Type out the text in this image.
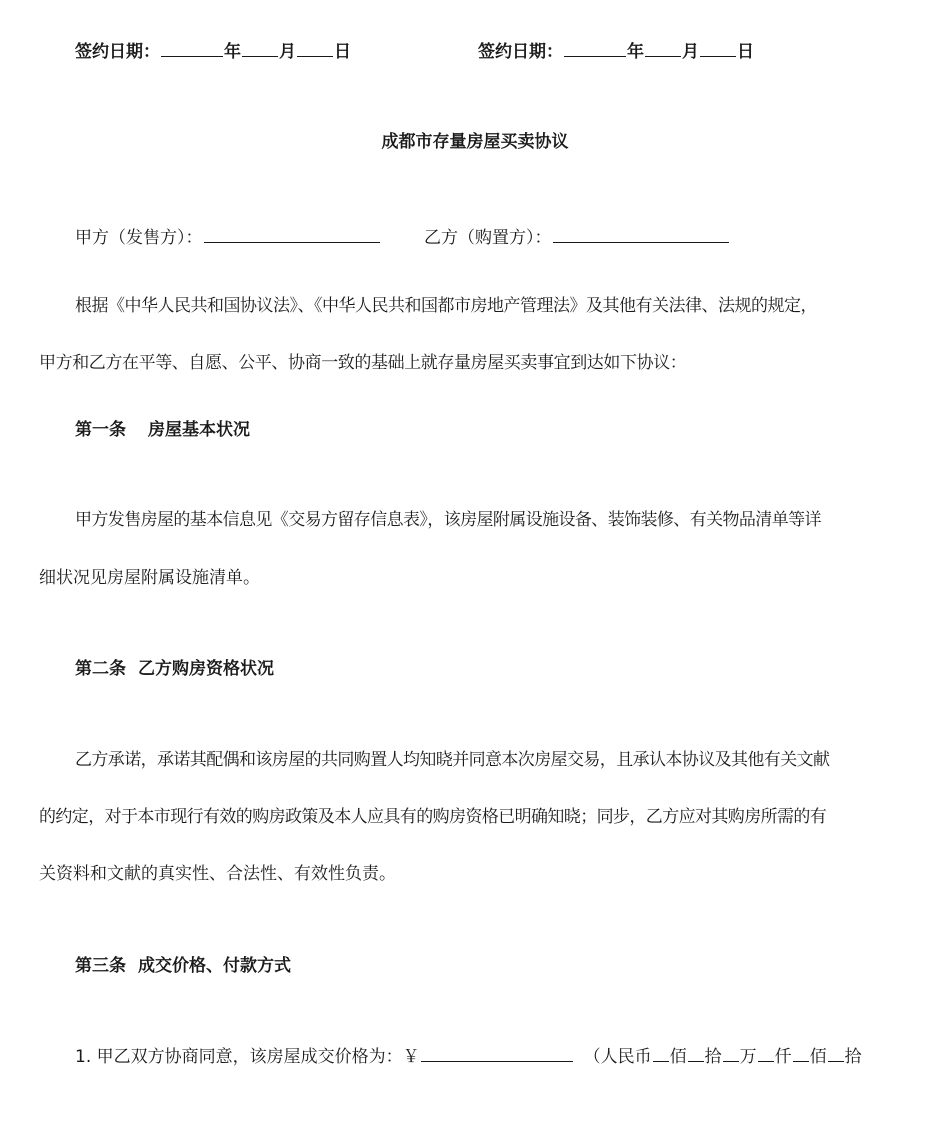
签约日期：	年 月 日	签约日期：	年 月 日
成都市存量房屋买卖协议
甲方（发售方）：	乙方（购置方）：
根据《中华人民共和国协议法》、《中华人民共和国都市房地产管理法》及其他有关法律、法规的规定，
甲方和乙方在平等、自愿、公平、协商一致的基础上就存量房屋买卖事宜到达如下协议：
第一条 房屋基本状况
甲方发售房屋的基本信息见《交易方留存信息表》，该房屋附属设施设备、装饰装修、有关物品清单等详
细状况见房屋附属设施清单。
第二条 乙方购房资格状况
乙方承诺，承诺其配偶和该房屋的共同购置人均知晓并同意本次房屋交易，且承认本协议及其他有关文献
的约定，对于本市现行有效的购房政策及本人应具有的购房资格已明确知晓；同步，乙方应对其购房所需的有
关资料和文献的真实性、合法性、有效性负责。
第三条 成交价格、付款方式
1. 甲乙双方协商同意，该房屋成交价格为：￥	（人民币 佰 拾 万 仟 佰 拾
